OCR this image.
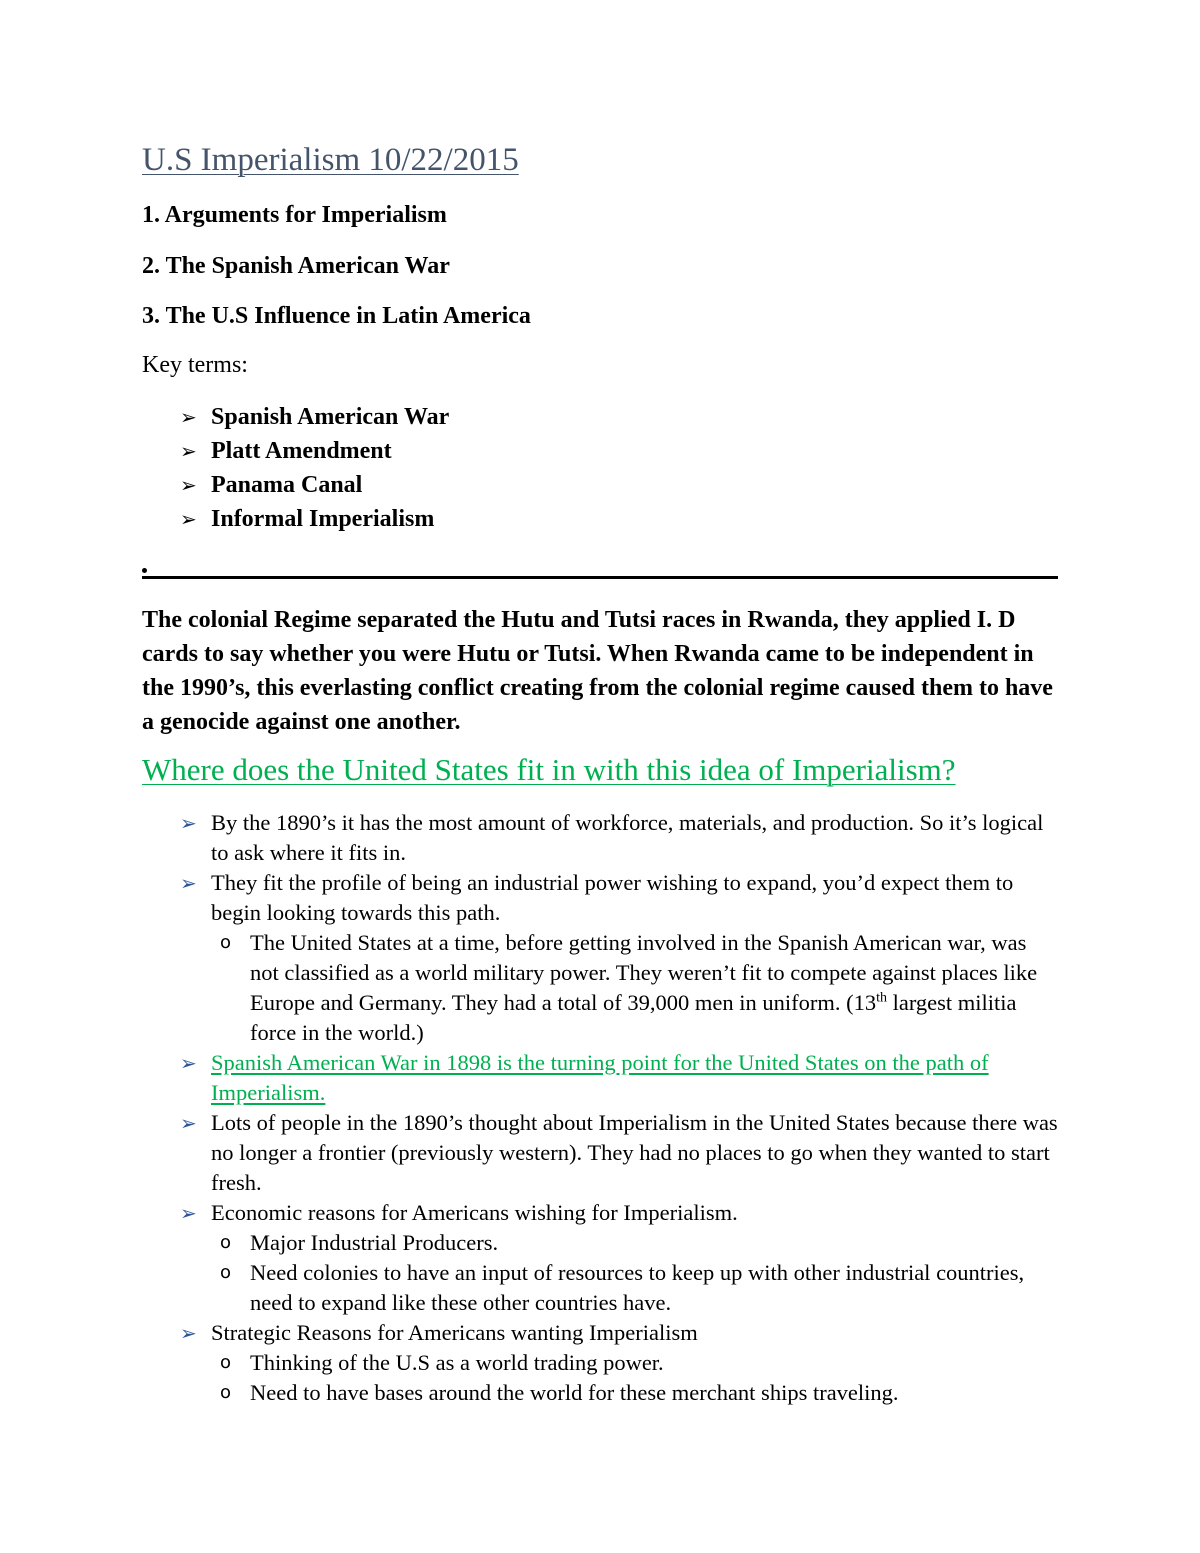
U.S Imperialism 10/22/2015
1. Arguments for Imperialism
2. The Spanish American War
3. The U.S Influence in Latin America
Key terms:
➢ Spanish American War
➢ Platt Amendment
➢ Panama Canal
➢ Informal Imperialism
The colonial Regime separated the Hutu and Tutsi races in Rwanda, they applied I. D cards to say whether you were Hutu or Tutsi. When Rwanda came to be independent in the 1990’s, this everlasting conflict creating from the colonial regime caused them to have a genocide against one another.
Where does the United States fit in with this idea of Imperialism?
➢ By the 1890’s it has the most amount of workforce, materials, and production. So it’s logical to ask where it fits in.
➢ They fit the profile of being an industrial power wishing to expand, you’d expect them to begin looking towards this path.
o The United States at a time, before getting involved in the Spanish American war, was not classified as a world military power. They weren’t fit to compete against places like Europe and Germany. They had a total of 39,000 men in uniform. (13th largest militia force in the world.)
➢ Spanish American War in 1898 is the turning point for the United States on the path of Imperialism.
➢ Lots of people in the 1890’s thought about Imperialism in the United States because there was no longer a frontier (previously western). They had no places to go when they wanted to start fresh.
➢ Economic reasons for Americans wishing for Imperialism.
o Major Industrial Producers.
o Need colonies to have an input of resources to keep up with other industrial countries, need to expand like these other countries have.
➢ Strategic Reasons for Americans wanting Imperialism
o Thinking of the U.S as a world trading power.
o Need to have bases around the world for these merchant ships traveling.
